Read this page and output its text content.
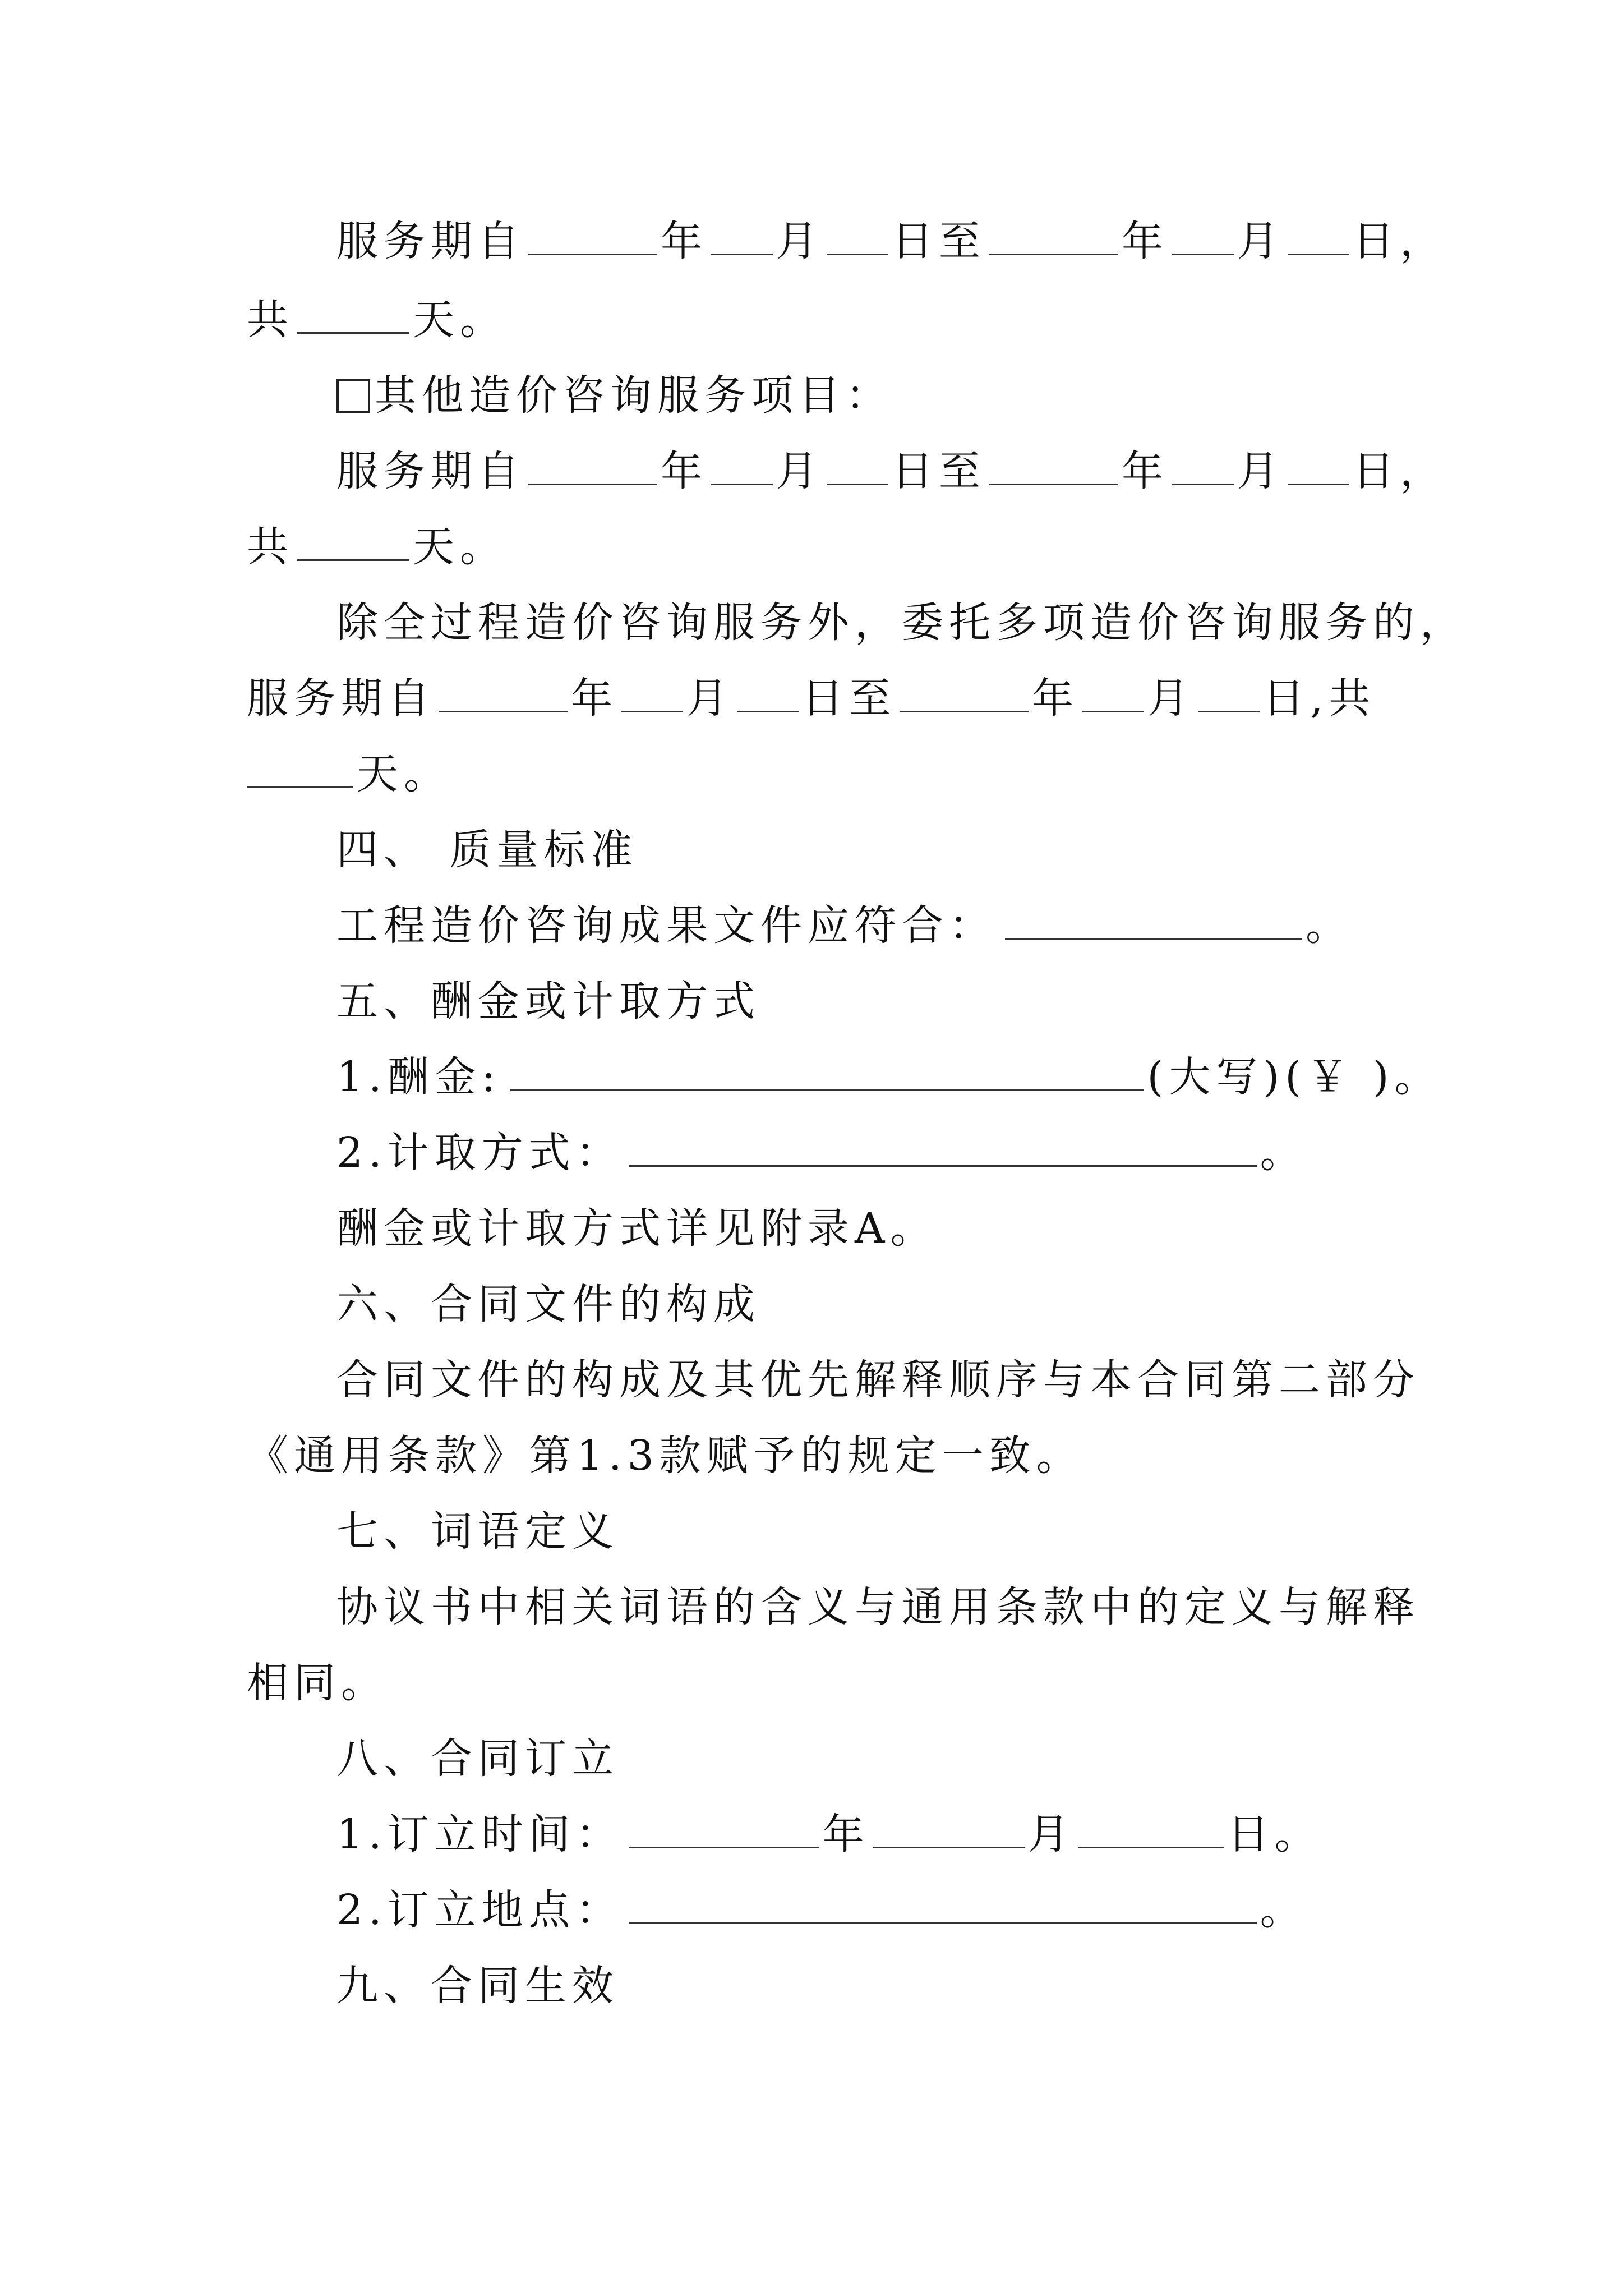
服务期自	年 月 日至	年 月 日，
共	天。
其他造价咨询服务项目：
服务期自	年 月 日至	年 月 日，
共	天。
除全过程造价咨询服务外，委托多项造价咨询服务的，
服务期自	年 月 日至	年 月 日,共
天。
四、 质量标准
工程造价咨询成果文件应符合：	。
五、酬金或计取方式
1.酬金:	(大写)(￥ )。
2.计取方式：	。
酬金或计取方式详见附录A。
六、合同文件的构成
合同文件的构成及其优先解释顺序与本合同第二部分
《通用条款》第1.3款赋予的规定一致。
七、词语定义
协议书中相关词语的含义与通用条款中的定义与解释
相同。
八、合同订立
1.订立时间：	年	月	日。
2.订立地点：	。
九、合同生效
